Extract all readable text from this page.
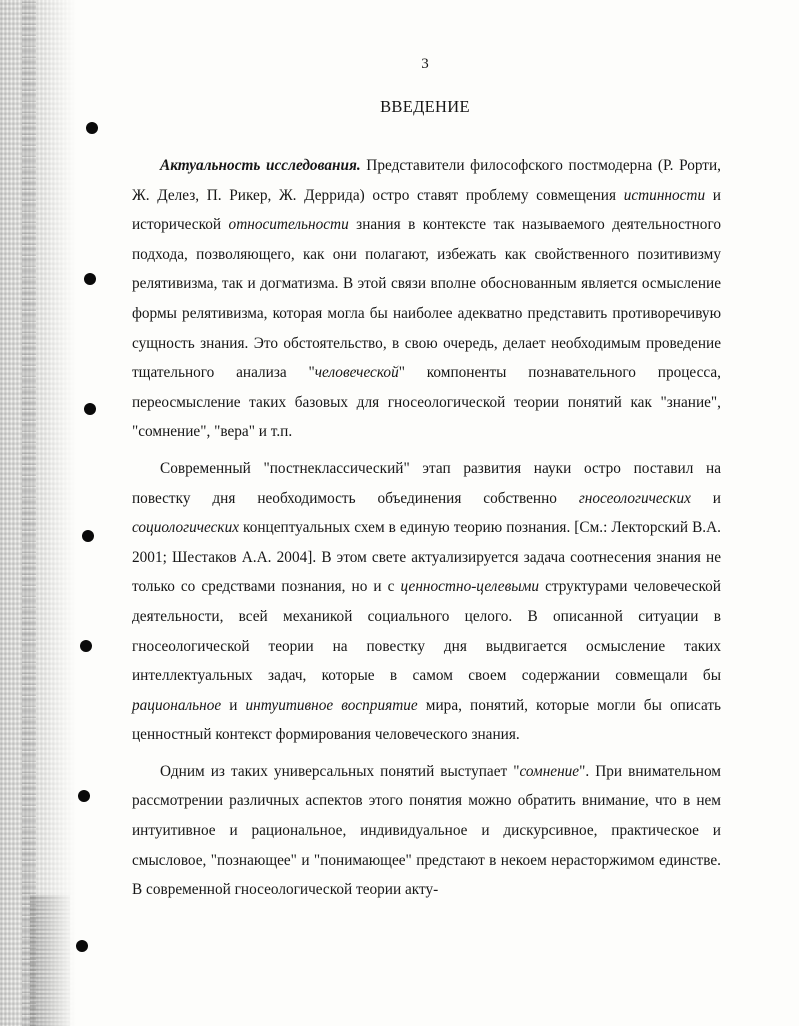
3
ВВЕДЕНИЕ

Актуальность исследования. Представители философского постмодерна (Р. Рорти, Ж. Делез, П. Рикер, Ж. Деррида) остро ставят проблему совмещения истинности и исторической относительности знания в контексте так называемого деятельностного подхода, позволяющего, как они полагают, избежать как свойственного позитивизму релятивизма, так и догматизма. В этой связи вполне обоснованным является осмысление формы релятивизма, которая могла бы наиболее адекватно представить противоречивую сущность знания. Это обстоятельство, в свою очередь, делает необходимым проведение тщательного анализа "человеческой" компоненты познавательного процесса, переосмысление таких базовых для гносеологической теории понятий как "знание", "сомнение", "вера" и т.п.

Современный "постнеклассический" этап развития науки остро поставил на повестку дня необходимость объединения собственно гносеологических и социологических концептуальных схем в единую теорию познания. [См.: Лекторский В.А. 2001; Шестаков А.А. 2004]. В этом свете актуализируется задача соотнесения знания не только со средствами познания, но и с ценностно-целевыми структурами человеческой деятельности, всей механикой социального целого. В описанной ситуации в гносеологической теории на повестку дня выдвигается осмысление таких интеллектуальных задач, которые в самом своем содержании совмещали бы рациональное и интуитивное восприятие мира, понятий, которые могли бы описать ценностный контекст формирования человеческого знания.

Одним из таких универсальных понятий выступает "сомнение". При внимательном рассмотрении различных аспектов этого понятия можно обратить внимание, что в нем интуитивное и рациональное, индивидуальное и дискурсивное, практическое и смысловое, "познающее" и "понимающее" предстают в некоем нерасторжимом единстве. В современной гносеологической теории акту-
